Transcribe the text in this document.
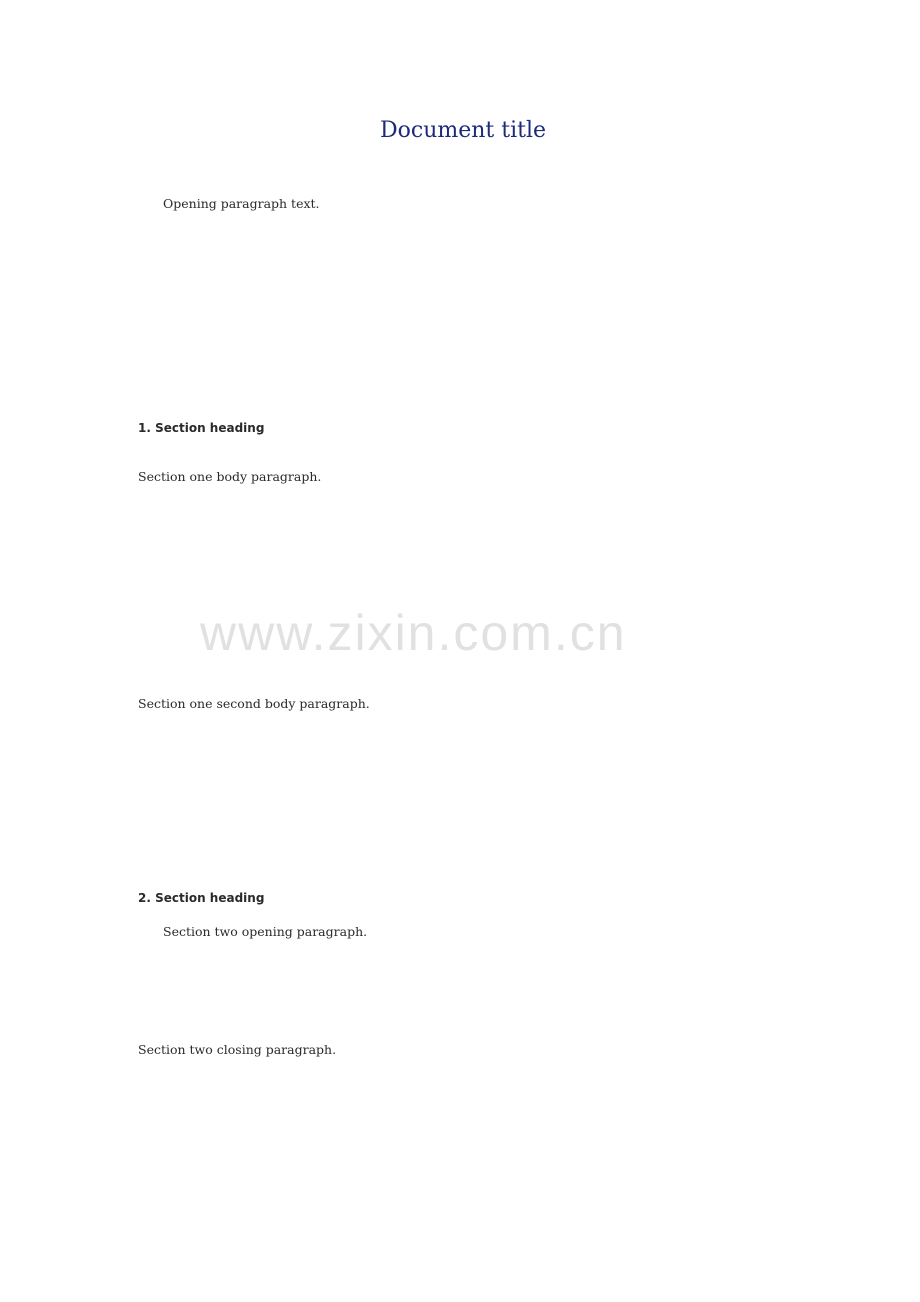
Document title

Opening paragraph text.

1. Section heading

Section one body paragraph.

Section one second body paragraph.

2. Section heading

Section two opening paragraph.

Section two closing paragraph.

www.zixin.com.cn
